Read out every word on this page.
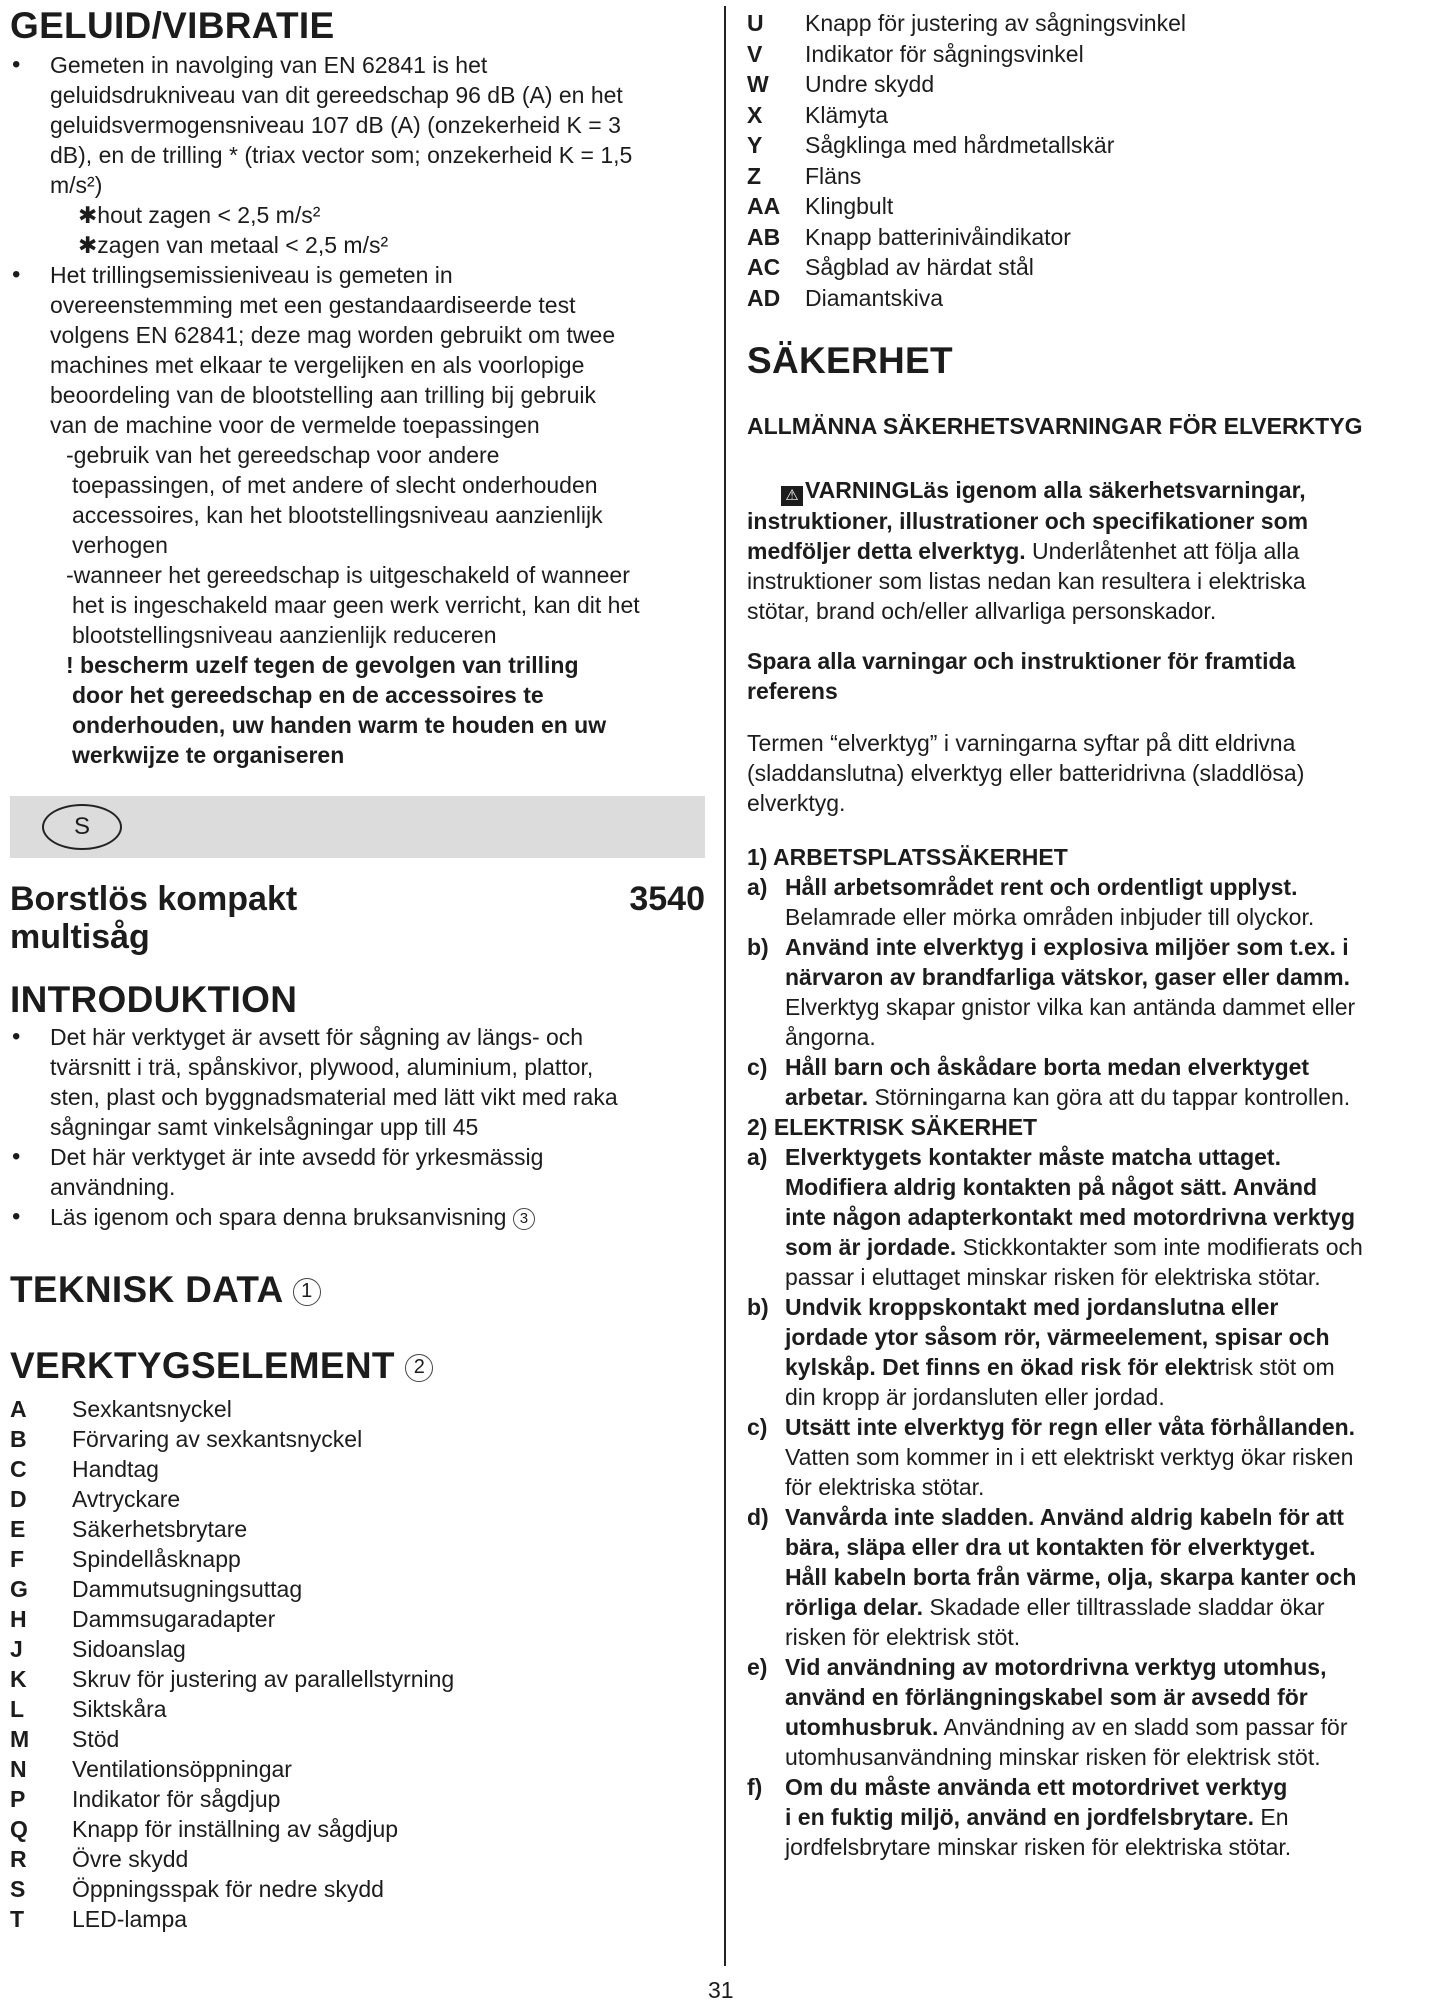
GELUID/VIBRATIE
• Gemeten in navolging van EN 62841 is het
geluidsdrukniveau van dit gereedschap 96 dB (A) en het
geluidsvermogensniveau 107 dB (A) (onzekerheid K = 3
dB), en de trilling * (triax vector som; onzekerheid K = 1,5
m/s²)
✱hout zagen < 2,5 m/s²
✱zagen van metaal < 2,5 m/s²
• Het trillingsemissieniveau is gemeten in
overeenstemming met een gestandaardiseerde test
volgens EN 62841; deze mag worden gebruikt om twee
machines met elkaar te vergelijken en als voorlopige
beoordeling van de blootstelling aan trilling bij gebruik
van de machine voor de vermelde toepassingen
-gebruik van het gereedschap voor andere
toepassingen, of met andere of slecht onderhouden
accessoires, kan het blootstellingsniveau aanzienlijk
verhogen
-wanneer het gereedschap is uitgeschakeld of wanneer
het is ingeschakeld maar geen werk verricht, kan dit het
blootstellingsniveau aanzienlijk reduceren
! bescherm uzelf tegen de gevolgen van trilling
door het gereedschap en de accessoires te
onderhouden, uw handen warm te houden en uw
werkwijze te organiseren
S
Borstlös kompakt
multisåg
3540
INTRODUKTION
• Det här verktyget är avsett för sågning av längs- och
tvärsnitt i trä, spånskivor, plywood, aluminium, plattor,
sten, plast och byggnadsmaterial med lätt vikt med raka
sågningar samt vinkelsågningar upp till 45
• Det här verktyget är inte avsedd för yrkesmässig
användning.
• Läs igenom och spara denna bruksanvisning 3
TEKNISK DATA 1
VERKTYGSELEMENT 2
A	Sexkantsnyckel
B	Förvaring av sexkantsnyckel
C	Handtag
D	Avtryckare
E	Säkerhetsbrytare
F	Spindellåsknapp
G	Dammutsugningsuttag
H	Dammsugaradapter
J	Sidoanslag
K	Skruv för justering av parallellstyrning
L	Siktskåra
M	Stöd
N	Ventilationsöppningar
P	Indikator för sågdjup
Q	Knapp för inställning av sågdjup
R	Övre skydd
S	Öppningsspak för nedre skydd
T	LED-lampa
U	Knapp för justering av sågningsvinkel
V	Indikator för sågningsvinkel
W	Undre skydd
X	Klämyta
Y	Sågklinga med hårdmetallskär
Z	Fläns
AA	Klingbult
AB	Knapp batterinivåindikator
AC	Sågblad av härdat stål
AD	Diamantskiva
SÄKERHET
ALLMÄNNA SÄKERHETSVARNINGAR FÖR ELVERKTYG
⚠ VARNINGLäs igenom alla säkerhetsvarningar,
instruktioner, illustrationer och specifikationer som
medföljer detta elverktyg. Underlåtenhet att följa alla
instruktioner som listas nedan kan resultera i elektriska
stötar, brand och/eller allvarliga personskador.
Spara alla varningar och instruktioner för framtida
referens
Termen “elverktyg” i varningarna syftar på ditt eldrivna
(sladdanslutna) elverktyg eller batteridrivna (sladdlösa)
elverktyg.
1) ARBETSPLATSSÄKERHET
a) Håll arbetsområdet rent och ordentligt upplyst.
Belamrade eller mörka områden inbjuder till olyckor.
b) Använd inte elverktyg i explosiva miljöer som t.ex. i
närvaron av brandfarliga vätskor, gaser eller damm.
Elverktyg skapar gnistor vilka kan antända dammet eller
ångorna.
c) Håll barn och åskådare borta medan elverktyget
arbetar. Störningarna kan göra att du tappar kontrollen.
2) ELEKTRISK SÄKERHET
a) Elverktygets kontakter måste matcha uttaget.
Modifiera aldrig kontakten på något sätt. Använd
inte någon adapterkontakt med motordrivna verktyg
som är jordade. Stickkontakter som inte modifierats och
passar i eluttaget minskar risken för elektriska stötar.
b) Undvik kroppskontakt med jordanslutna eller
jordade ytor såsom rör, värmeelement, spisar och
kylskåp. Det finns en ökad risk för elektrisk stöt om
din kropp är jordansluten eller jordad.
c) Utsätt inte elverktyg för regn eller våta förhållanden.
Vatten som kommer in i ett elektriskt verktyg ökar risken
för elektriska stötar.
d) Vanvårda inte sladden. Använd aldrig kabeln för att
bära, släpa eller dra ut kontakten för elverktyget.
Håll kabeln borta från värme, olja, skarpa kanter och
rörliga delar. Skadade eller tilltrasslade sladdar ökar
risken för elektrisk stöt.
e) Vid användning av motordrivna verktyg utomhus,
använd en förlängningskabel som är avsedd för
utomhusbruk. Användning av en sladd som passar för
utomhusanvändning minskar risken för elektrisk stöt.
f) Om du måste använda ett motordrivet verktyg
i en fuktig miljö, använd en jordfelsbrytare. En
jordfelsbrytare minskar risken för elektriska stötar.
31
